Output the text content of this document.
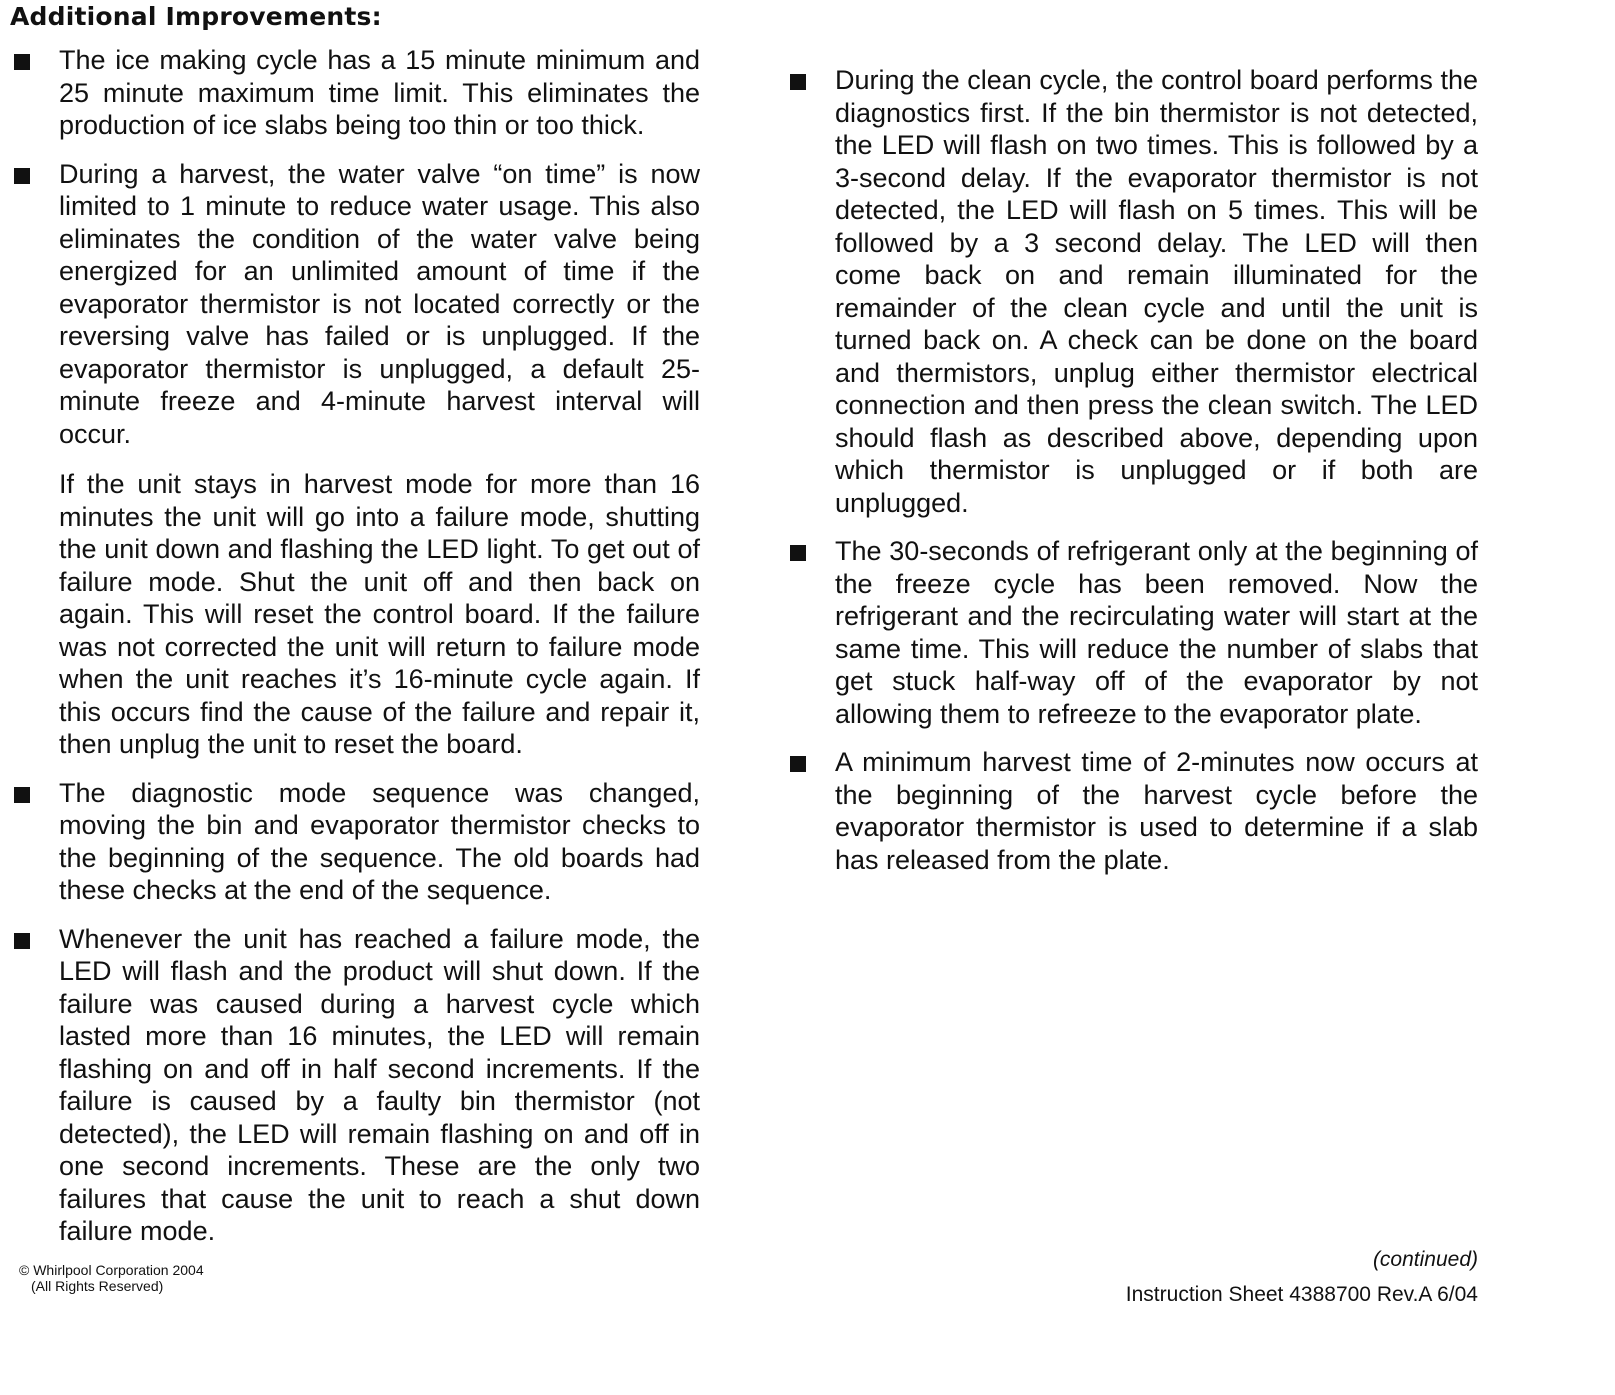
Additional Improvements:

The ice making cycle has a 15 minute minimum and 25 minute maximum time limit. This eliminates the production of ice slabs being too thin or too thick.

During a harvest, the water valve “on time” is now limited to 1 minute to reduce water usage. This also eliminates the condition of the water valve being energized for an unlimited amount of time if the evaporator thermistor is not located correctly or the reversing valve has failed or is unplugged. If the evaporator thermistor is unplugged, a default 25-minute freeze and 4-minute harvest interval will occur.

If the unit stays in harvest mode for more than 16 minutes the unit will go into a failure mode, shutting the unit down and flashing the LED light. To get out of failure mode. Shut the unit off and then back on again. This will reset the control board. If the failure was not corrected the unit will return to failure mode when the unit reaches it’s 16-minute cycle again. If this occurs find the cause of the failure and repair it, then unplug the unit to reset the board.

The diagnostic mode sequence was changed, moving the bin and evaporator thermistor checks to the beginning of the sequence. The old boards had these checks at the end of the sequence.

Whenever the unit has reached a failure mode, the LED will flash and the product will shut down. If the failure was caused during a harvest cycle which lasted more than 16 minutes, the LED will remain flashing on and off in half second increments. If the failure is caused by a faulty bin thermistor (not detected), the LED will remain flashing on and off in one second increments. These are the only two failures that cause the unit to reach a shut down failure mode.

During the clean cycle, the control board performs the diagnostics first. If the bin thermistor is not detected, the LED will flash on two times. This is followed by a 3-second delay. If the evaporator thermistor is not detected, the LED will flash on 5 times. This will be followed by a 3 second delay. The LED will then come back on and remain illuminated for the remainder of the clean cycle and until the unit is turned back on. A check can be done on the board and thermistors, unplug either thermistor electrical connection and then press the clean switch. The LED should flash as described above, depending upon which thermistor is unplugged or if both are unplugged.

The 30-seconds of refrigerant only at the beginning of the freeze cycle has been removed. Now the refrigerant and the recirculating water will start at the same time. This will reduce the number of slabs that get stuck half-way off of the evaporator by not allowing them to refreeze to the evaporator plate.

A minimum harvest time of 2-minutes now occurs at the beginning of the harvest cycle before the evaporator thermistor is used to determine if a slab has released from the plate.

© Whirlpool Corporation 2004
(All Rights Reserved)
(continued)
Instruction Sheet 4388700 Rev.A 6/04
